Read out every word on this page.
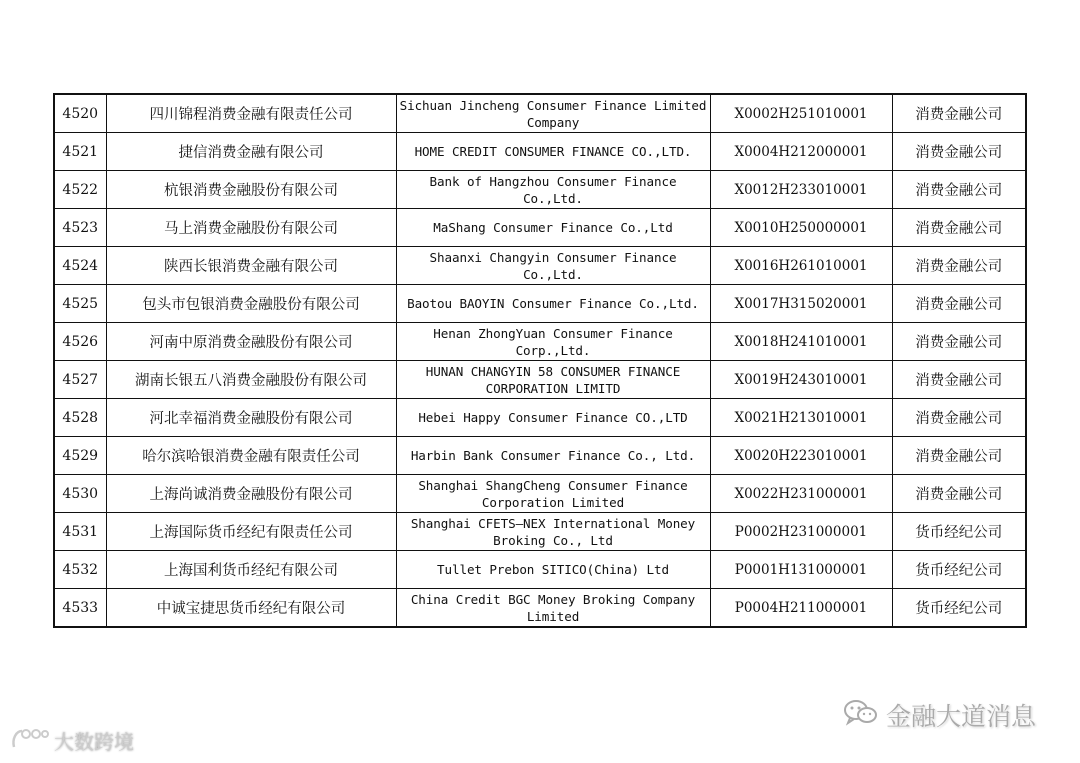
4520	四川锦程消费金融有限责任公司	Sichuan Jincheng Consumer Finance Limited Company	X0002H251010001	消费金融公司
4521	捷信消费金融有限公司	HOME CREDIT CONSUMER FINANCE CO.,LTD.	X0004H212000001	消费金融公司
4522	杭银消费金融股份有限公司	Bank of Hangzhou Consumer Finance Co.,Ltd.	X0012H233010001	消费金融公司
4523	马上消费金融股份有限公司	MaShang Consumer Finance Co.,Ltd	X0010H250000001	消费金融公司
4524	陕西长银消费金融有限公司	Shaanxi Changyin Consumer Finance Co.,Ltd.	X0016H261010001	消费金融公司
4525	包头市包银消费金融股份有限公司	Baotou BAOYIN Consumer Finance Co.,Ltd.	X0017H315020001	消费金融公司
4526	河南中原消费金融股份有限公司	Henan ZhongYuan Consumer Finance Corp.,Ltd.	X0018H241010001	消费金融公司
4527	湖南长银五八消费金融股份有限公司	HUNAN CHANGYIN 58 CONSUMER FINANCE CORPORATION LIMITD	X0019H243010001	消费金融公司
4528	河北幸福消费金融股份有限公司	Hebei Happy Consumer Finance CO.,LTD	X0021H213010001	消费金融公司
4529	哈尔滨哈银消费金融有限责任公司	Harbin Bank Consumer Finance Co., Ltd.	X0020H223010001	消费金融公司
4530	上海尚诚消费金融股份有限公司	Shanghai ShangCheng Consumer Finance Corporation Limited	X0022H231000001	消费金融公司
4531	上海国际货币经纪有限责任公司	Shanghai CFETS—NEX International Money Broking Co., Ltd	P0002H231000001	货币经纪公司
4532	上海国利货币经纪有限公司	Tullet Prebon SITICO(China) Ltd	P0001H131000001	货币经纪公司
4533	中诚宝捷思货币经纪有限公司	China Credit BGC Money Broking Company Limited	P0004H211000001	货币经纪公司
金融大道消息
大数跨境
